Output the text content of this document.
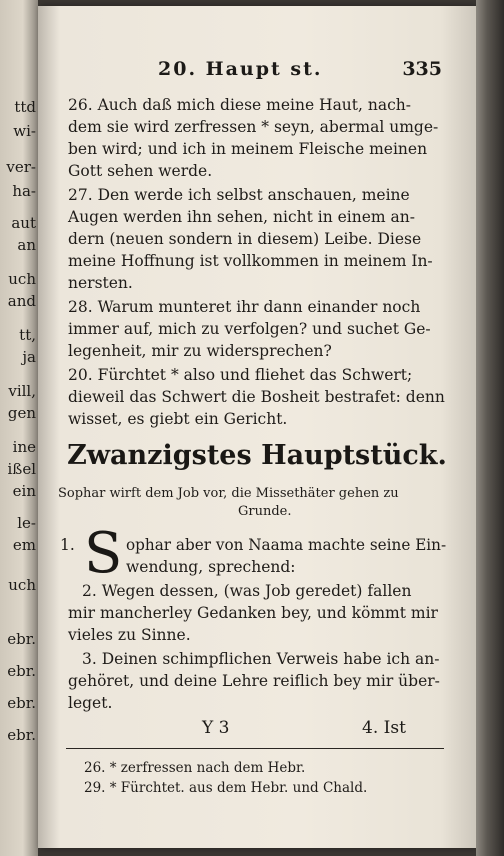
ttd
wi-
ver-
ha-
aut
an
uch
and
tt,
ja
vill,
gen
ine
ißel
ein
le-
em
uch
ebr.
ebr.
ebr.
ebr.
20. Haupt st.	335
26. Auch daß mich diese meine Haut, nach-
dem sie wird zerfressen * seyn, abermal umge-
ben wird; und ich in meinem Fleische meinen
Gott sehen werde.
27. Den werde ich selbst anschauen, meine
Augen werden ihn sehen, nicht in einem an-
dern (neuen sondern in diesem) Leibe. Diese
meine Hoffnung ist vollkommen in meinem In-
nersten.
28. Warum munteret ihr dann einander noch
immer auf, mich zu verfolgen? und suchet Ge-
legenheit, mir zu widersprechen?
20. Fürchtet * also und fliehet das Schwert;
dieweil das Schwert die Bosheit bestrafet: denn
wisset, es giebt ein Gericht.
Zwanzigstes Hauptstück.
Sophar wirft dem Job vor, die Missethäter gehen zu
Grunde.
1. S ophar aber von Naama machte seine Ein-
wendung, sprechend:
2. Wegen dessen, (was Job geredet) fallen
mir mancherley Gedanken bey, und kömmt mir
vieles zu Sinne.
3. Deinen schimpflichen Verweis habe ich an-
gehöret, und deine Lehre reiflich bey mir über-
leget.
Y 3	4. Ist
26. * zerfressen nach dem Hebr.
29. * Fürchtet. aus dem Hebr. und Chald.
